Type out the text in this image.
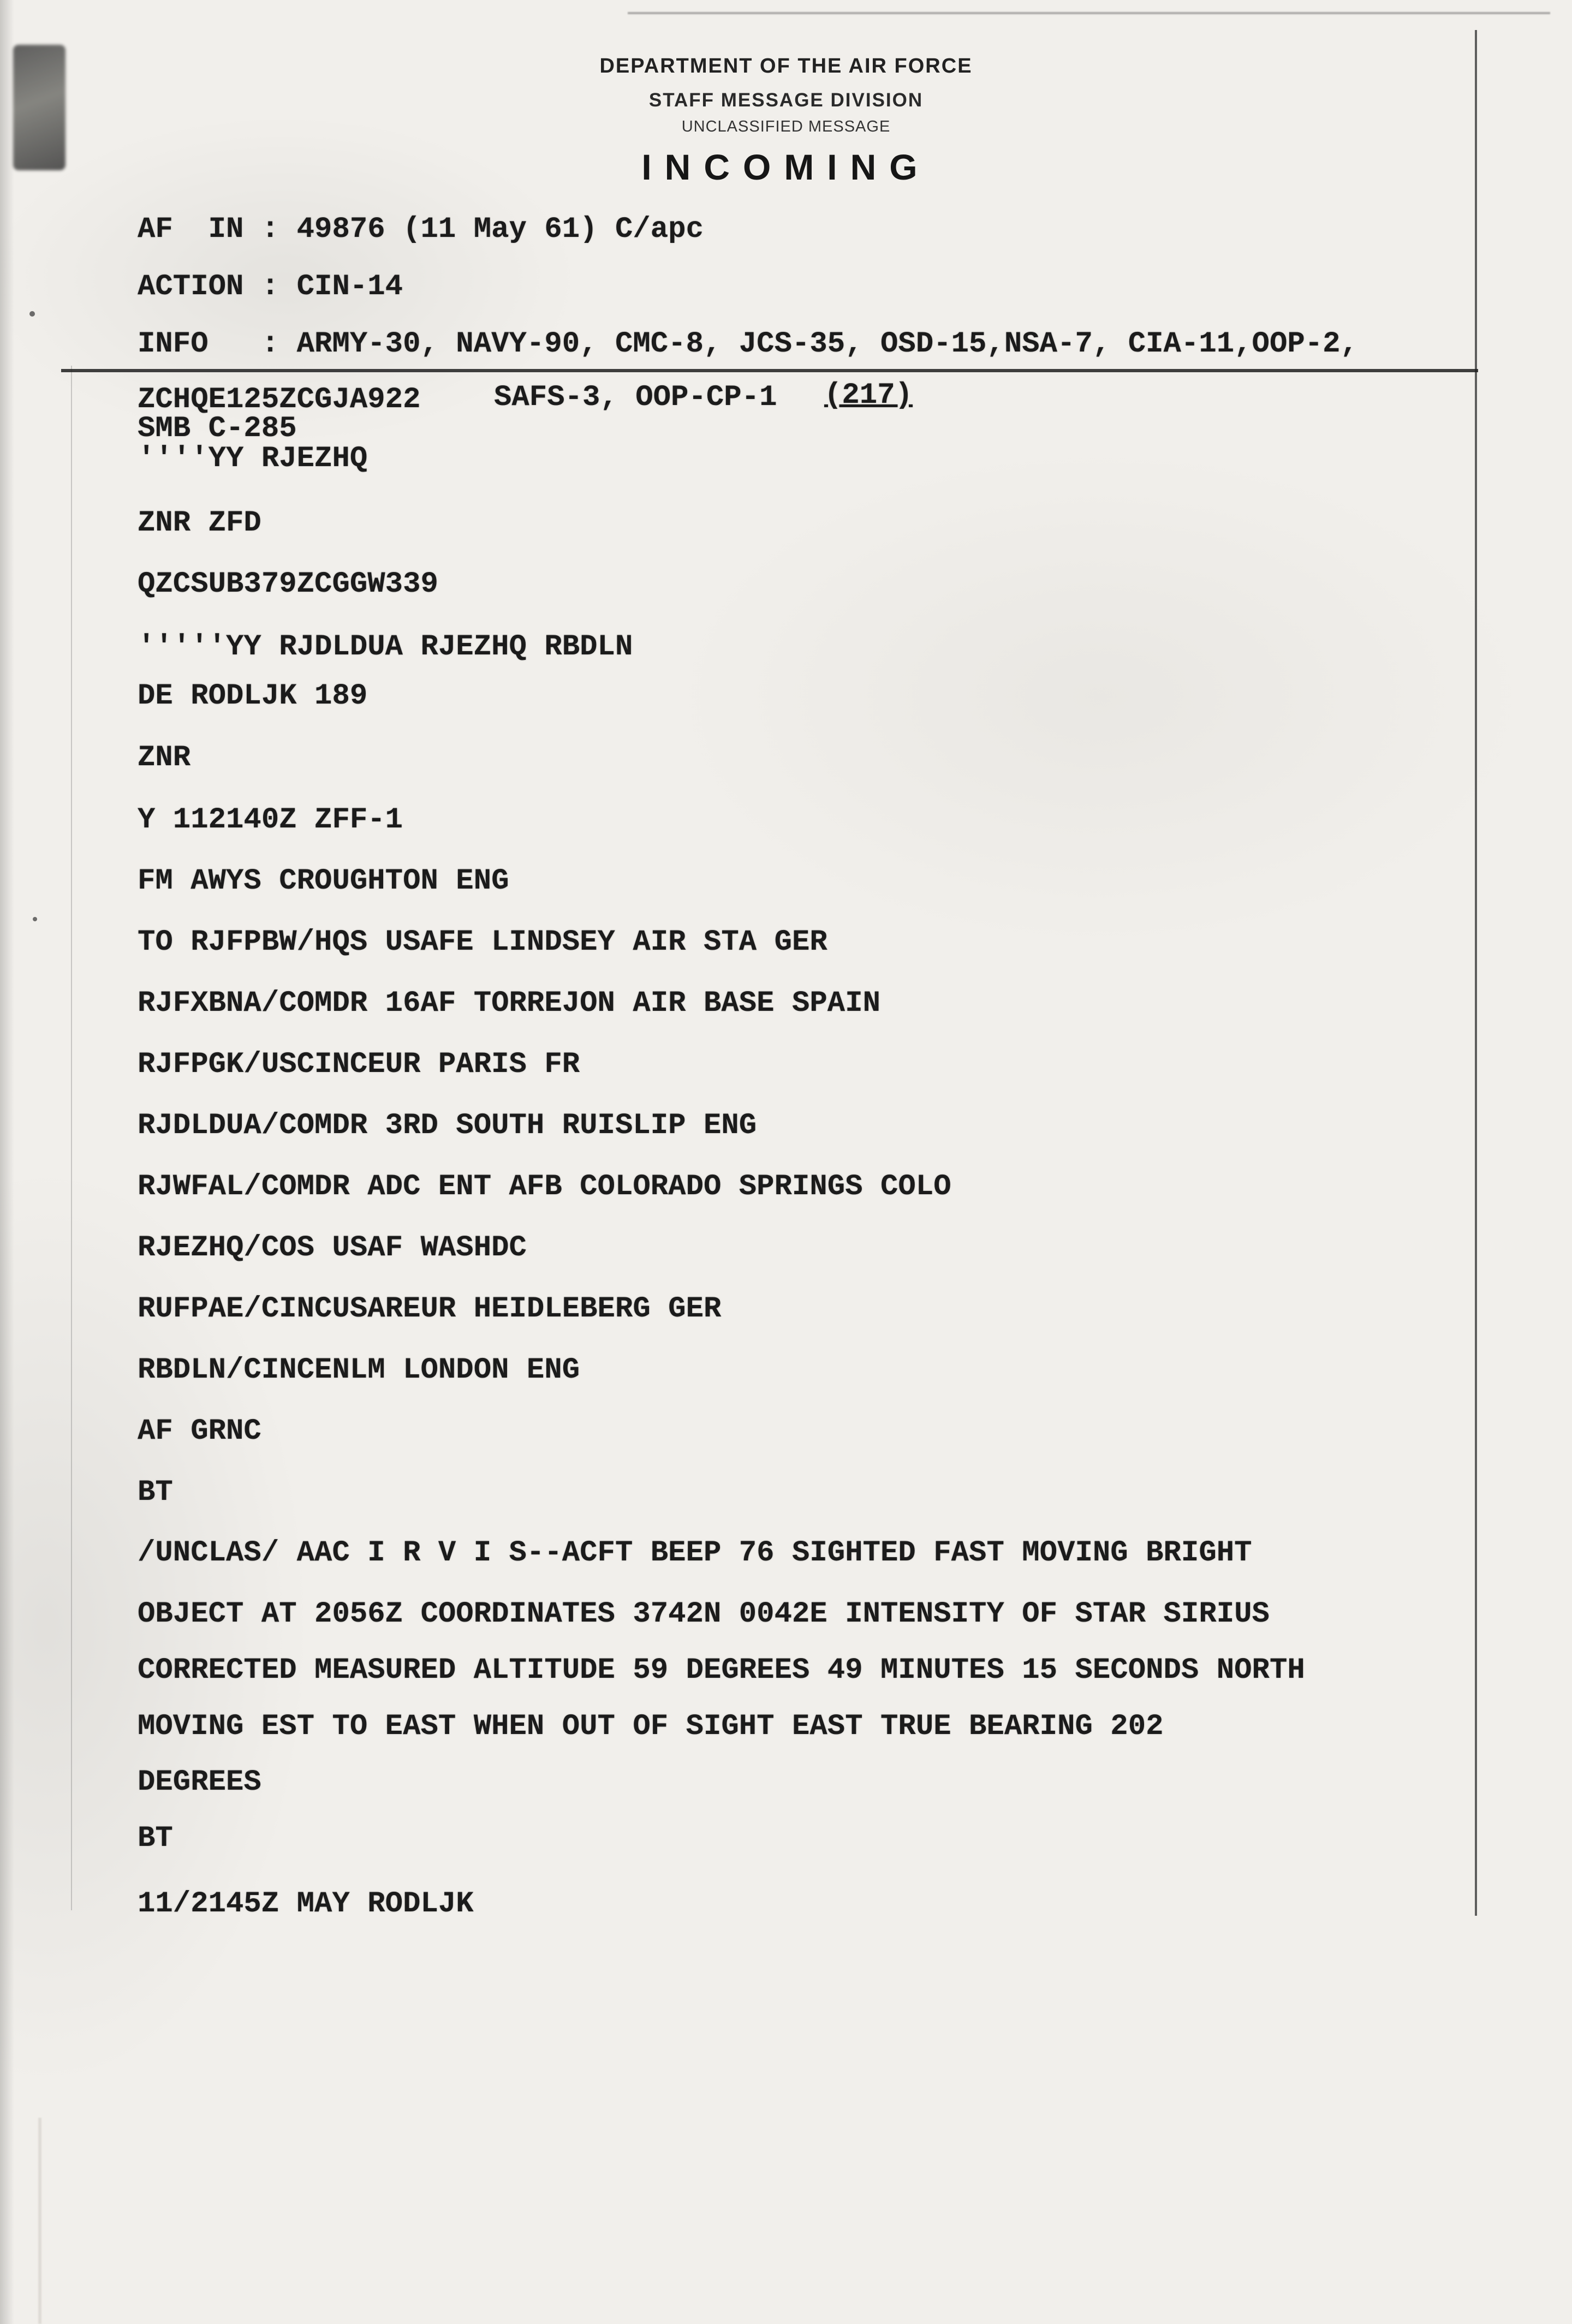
DEPARTMENT OF THE AIR FORCE
STAFF MESSAGE DIVISION
UNCLASSIFIED MESSAGE
INCOMING
AF  IN : 49876 (11 May 61) C/apc
ACTION : CIN-14
INFO   : ARMY-30, NAVY-90, CMC-8, JCS-35, OSD-15,NSA-7, CIA-11,OOP-2,
ZCHQE125ZCGJA922 SAFS-3, OOP-CP-1 (217)
SMB C-285
''''YY RJEZHQ
ZNR ZFD
QZCSUB379ZCGGW339
'''''YY RJDLDUA RJEZHQ RBDLN
DE RODLJK 189
ZNR
Y 112140Z ZFF-1
FM AWYS CROUGHTON ENG
TO RJFPBW/HQS USAFE LINDSEY AIR STA GER
RJFXBNA/COMDR 16AF TORREJON AIR BASE SPAIN
RJFPGK/USCINCEUR PARIS FR
RJDLDUA/COMDR 3RD SOUTH RUISLIP ENG
RJWFAL/COMDR ADC ENT AFB COLORADO SPRINGS COLO
RJEZHQ/COS USAF WASHDC
RUFPAE/CINCUSAREUR HEIDLEBERG GER
RBDLN/CINCENLM LONDON ENG
AF GRNC
BT
/UNCLAS/ AAC I R V I S--ACFT BEEP 76 SIGHTED FAST MOVING BRIGHT
OBJECT AT 2056Z COORDINATES 3742N 0042E INTENSITY OF STAR SIRIUS
CORRECTED MEASURED ALTITUDE 59 DEGREES 49 MINUTES 15 SECONDS NORTH
MOVING EST TO EAST WHEN OUT OF SIGHT EAST TRUE BEARING 202
DEGREES
BT
11/2145Z MAY RODLJK
